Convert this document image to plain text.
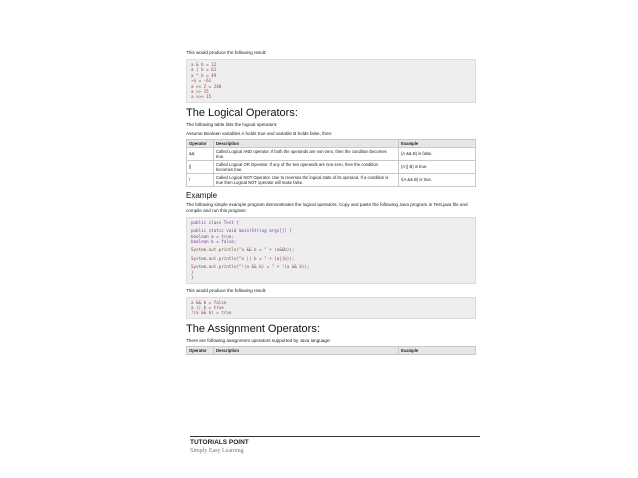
This would produce the following result:

a & b = 12
a | b = 61
a ^ b = 49
~a = -61
a << 2 = 240
a >> 15
a >>> 15
The Logical Operators:

The following table lists the logical operators:

Assume Boolean variables A holds true and variable B holds false, then:

Operator	Description	Example
&&	Called Logical AND operator. If both the operands are non-zero, then the condition becomes true.	(A && B) is false.
||	Called Logical OR Operator. If any of the two operands are non-zero, then the condition becomes true.	(A || B) is true.
!	Called Logical NOT Operator. Use to reverses the logical state of its operand. If a condition is true then Logical NOT operator will make false.	!(A && B) is true.
Example

The following simple example program demonstrates the logical operators. Copy and paste the following Java program in Test.java file and compile and run this program:

public class Test {
public static void main(String args[]) {
boolean a = true;
boolean b = false;
System.out.println("a && b = " + (a&&b));
System.out.println("a || b = " + (a||b));
System.out.println("!(a && b) = " + !(a && b));
}
}

This would produce the following result:

a && b = false
a || b = true
!(a && b) = true
The Assignment Operators:

There are following assignment operators supported by Java language:

Operator	Description	Example
TUTORIALS POINT
Simply Easy Learning
